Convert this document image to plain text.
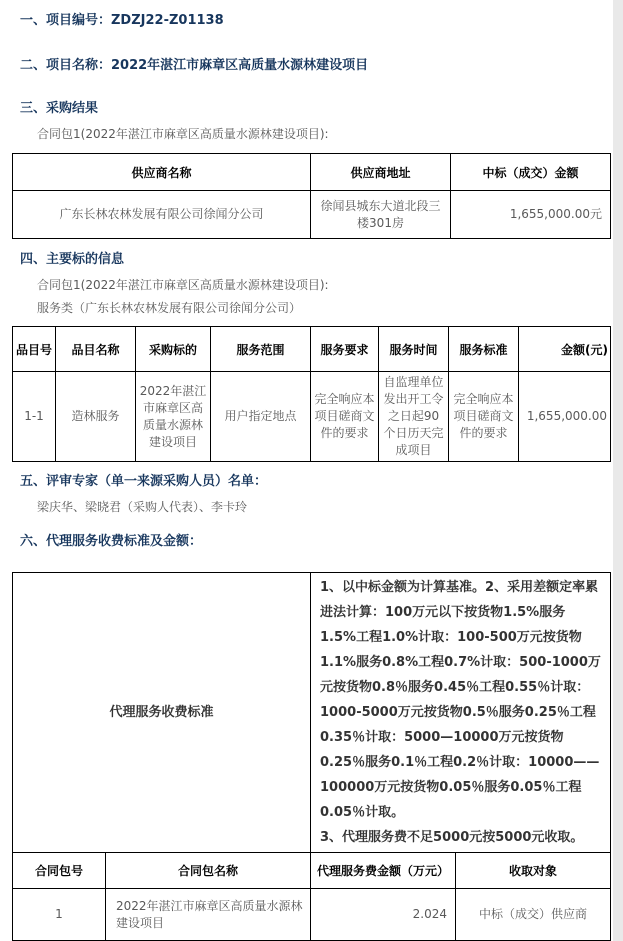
一、项目编号：ZDZJ22-Z01138
二、项目名称：2022年湛江市麻章区高质量水源林建设项目
三、采购结果
合同包1(2022年湛江市麻章区高质量水源林建设项目):
供应商名称	供应商地址	中标（成交）金额
广东长林农林发展有限公司徐闻分公司	徐闻县城东大道北段三楼301房	1,655,000.00元
四、主要标的信息
合同包1(2022年湛江市麻章区高质量水源林建设项目):
服务类（广东长林农林发展有限公司徐闻分公司）
品目号	品目名称	采购标的	服务范围	服务要求	服务时间	服务标准	金额(元)
1-1	造林服务	2022年湛江市麻章区高质量水源林建设项目	用户指定地点	完全响应本项目磋商文件的要求	自监理单位发出开工令之日起90个日历天完成项目	完全响应本项目磋商文件的要求	1,655,000.00
五、评审专家（单一来源采购人员）名单：
梁庆华、梁晓君（采购人代表）、李卡玲
六、代理服务收费标准及金额：
代理服务收费标准		1、以中标金额为计算基准。2、采用差额定率累进法计算：100万元以下按货物1.5%服务1.5%工程1.0%计取：100-500万元按货物1.1%服务0.8%工程0.7%计取：500-1000万元按货物0.8％服务0.45％工程0.55％计取：1000-5000万元按货物0.5％服务0.25％工程0.35％计取：5000—10000万元按货物0.25％服务0.1％工程0.2％计取：10000——100000万元按货物0.05％服务0.05％工程0.05％计取。
3、代理服务费不足5000元按5000元收取。	

合同包号	合同包名称	代理服务费金额（万元）	收取对象
1	2022年湛江市麻章区高质量水源林建设项目	2.024	中标（成交）供应商
